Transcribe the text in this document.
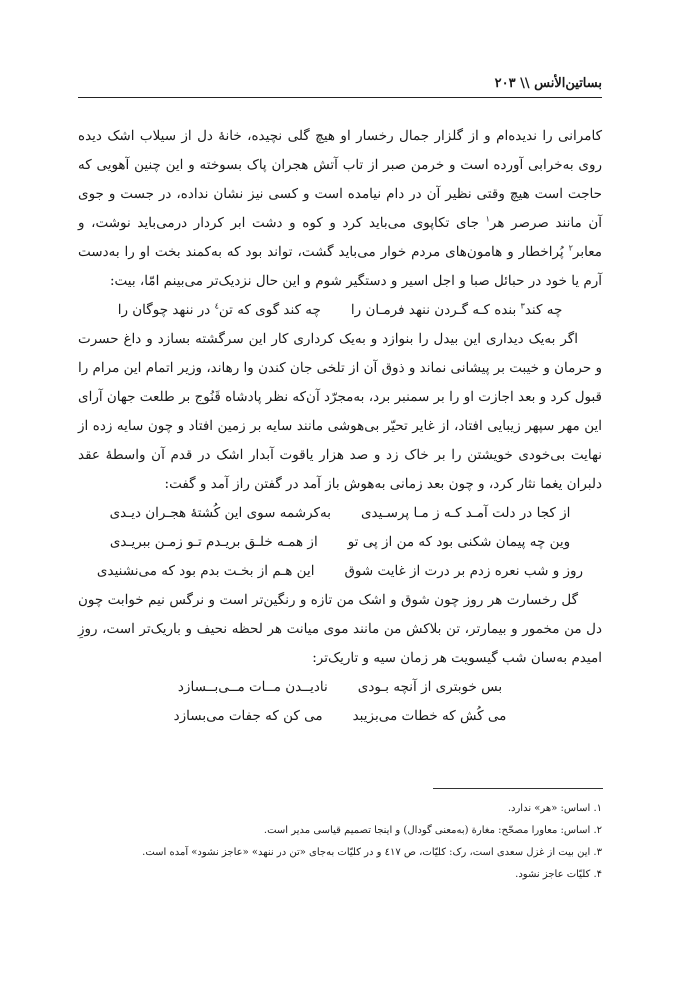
بساتین‌الأنس \\ ۲۰۳

کامرانی را ندیده‌ام و از گلزار جمال رخسار او هیچ گلی نچیده، خانهٔ دل از سیلاب اشک دیده روی به‌خرابی آورده است و خرمن صبر از تاب آتش هجران پاک بسوخته و این چنین آهویی که حاجت است هیچ وقتی نظیر آن در دام نیامده است و کسی نیز نشان نداده، در جست و جوی آن مانند صرصر هر$^۱$ جای تکاپوی می‌باید کرد و کوه و دشت ابر کردار درمی‌باید نوشت، و معابر$^۲$ پُراخطار و هامون‌های مردم خوار می‌باید گشت، تواند بود که به‌کمند بخت او را به‌دست آرم یا خود در حبائل صبا و اجل اسیر و دستگیر شوم و این حال نزدیک‌تر می‌بینم امّا، بیت:

چه کند$^۳$ بنده کـه گـردن ننهد فرمـان را
چه کند گوی که تن$^٤$ در ننهد چوگان را

اگر به‌یک دیداری این بیدل را بنوازد و به‌یک کرداری کار این سرگشته بسازد و داغ حسرت و حرمان و خیبت بر پیشانی نماند و ذوق آن از تلخی جان کندن وا رهاند، وزیر اتمام این مرام را قبول کرد و بعد اجازت او را بر سمنبر برد، به‌مجرّد آن‌که نظر پادشاه قَنُوج بر طلعت جهان آرای این مهر سپهر زیبایی افتاد، از غایر تحیّر بی‌هوشی مانند سایه بر زمین افتاد و چون سایه زده از نهایت بی‌خودی خویشتن را بر خاک زد و صد هزار یاقوت آبدار اشک در قدم آن واسطهٔ عقد دلبران یغما نثار کرد، و چون بعد زمانی به‌هوش باز آمد در گفتن راز آمد و گفت:

از کجا در دلت آمـد کـه ز مـا پرسـیدی
به‌کرشمه سوی این کُشتهٔ هجـران دیـدی
وین چه پیمان شکنی بود که من از پی تو
از همـه خلـق بریـدم تـو زمـن ببریـدی
روز و شب نعره زدم بر درت از غایت شوق
این هـم از بخـت بدم بود که می‌نشنیدی

گل رخسارت هر روز چون شوق و اشک من تازه و رنگین‌تر است و نرگس نیم خوابت چون دل من مخمور و بیمارتر، تن بلاکش من مانند موی میانت هر لحظه نحیف و باریک‌تر است، روزِ امیدم به‌سان شب گیسویت هر زمان سیه و تاریک‌تر:

بس خوبتری از آنچه بـودی
نادیــدن مــات مــی‌بــسازد
می کُش که خطات می‌بزیبد
می کن که جفات می‌بسازد
۱. اساس: «هر» ندارد.
۲. اساس: معاورا مصحّح: مغارة (به‌معنی گودال) و اینجا تصمیم قیاسی مدیر است.
۳. این بیت از غزل سعدی است، رک: کلیّات، ص ٤١٧ و در کلیّات به‌جای «تن در ننهد» «عاجز نشود» آمده است.
۴. کلیّات عاجز نشود.
